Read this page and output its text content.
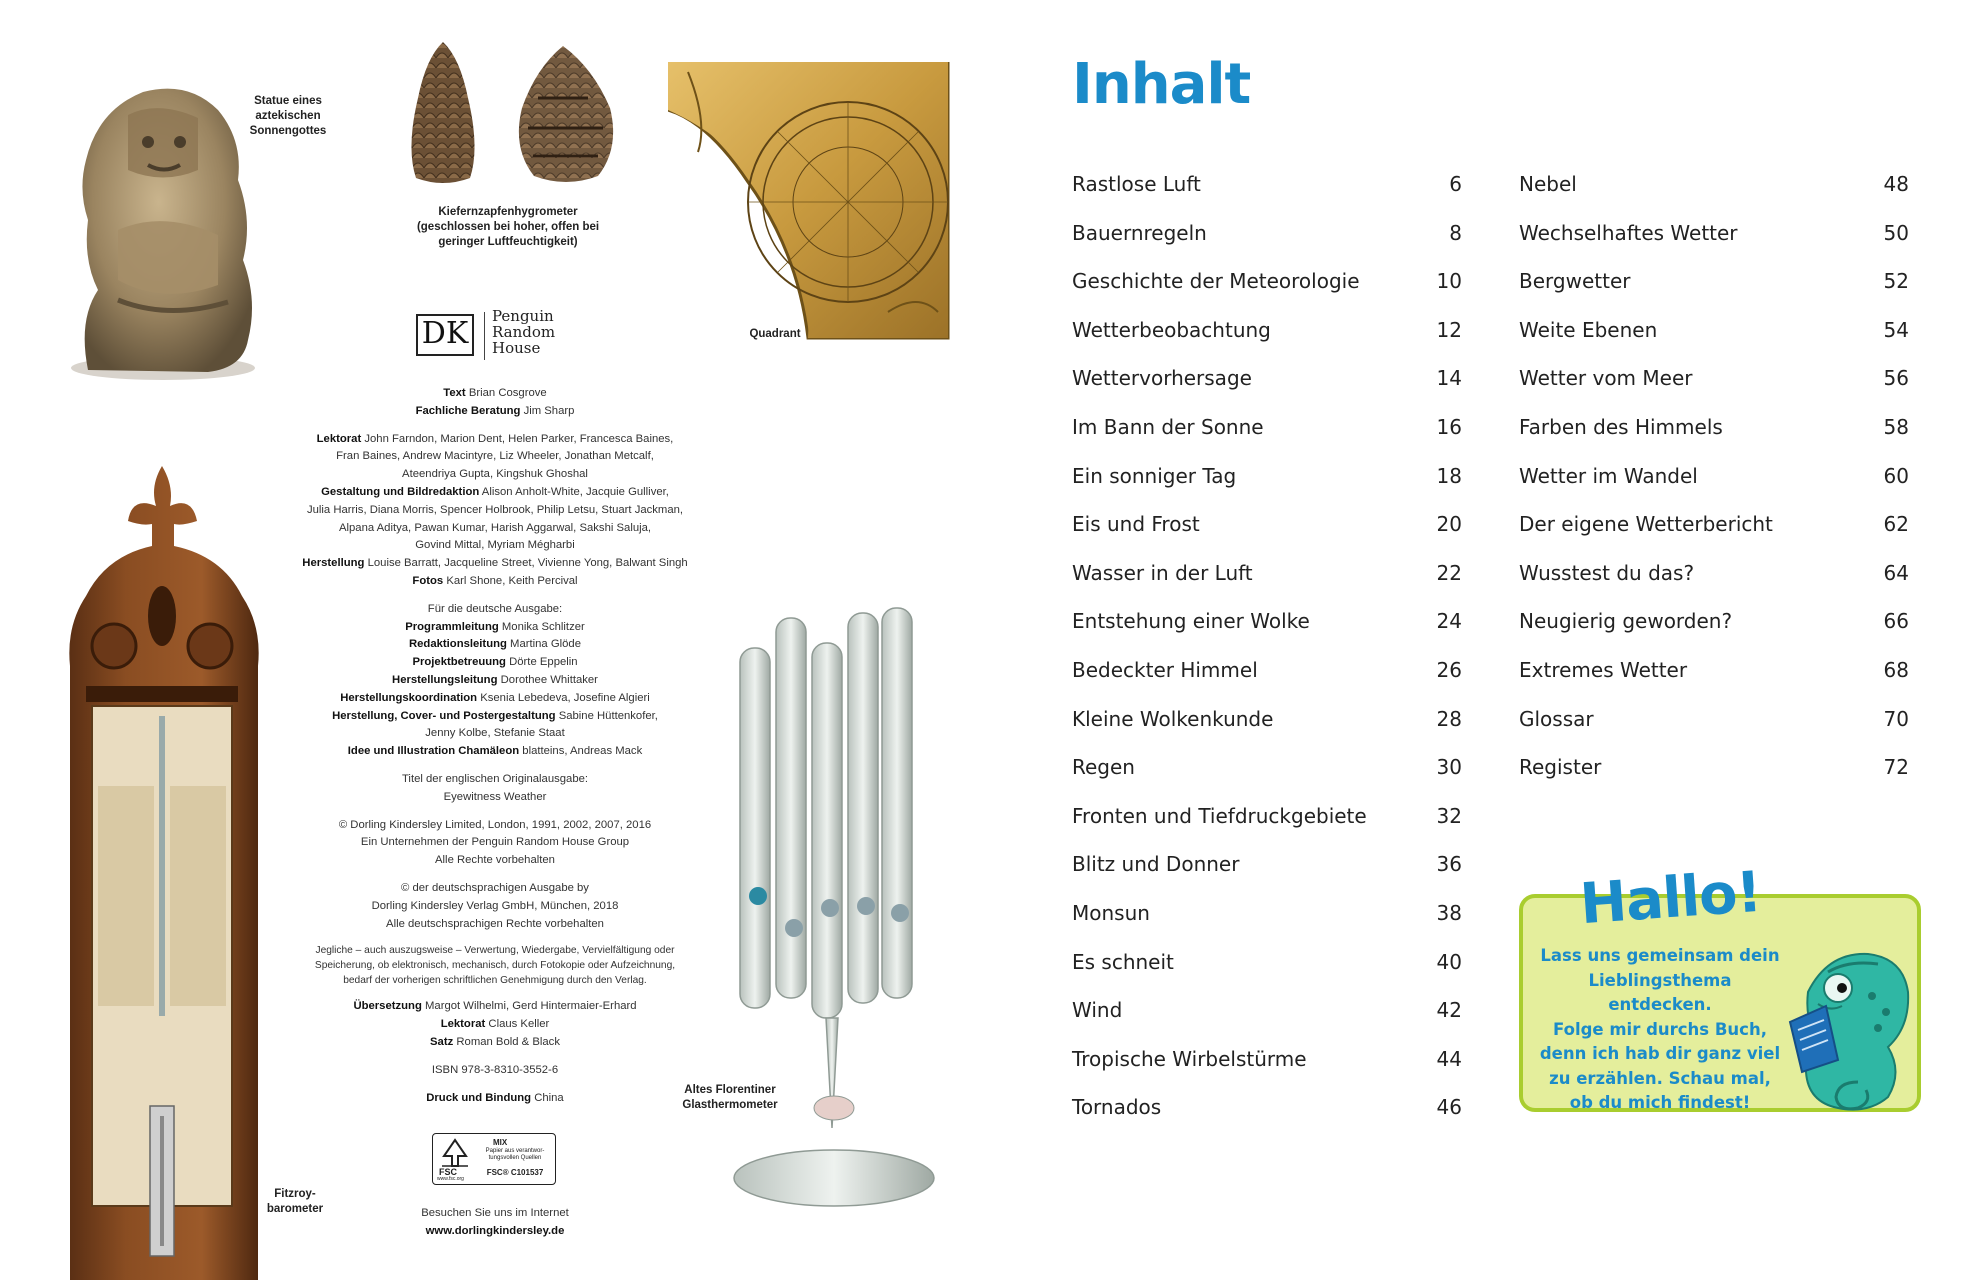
Statue eines
aztekischen
Sonnengottes
Kiefernzapfenhygrometer
(geschlossen bei hoher, offen bei
geringer Luftfeuchtigkeit)
Quadrant
DK	Penguin
Random
House
Text Brian Cosgrove
Fachliche Beratung Jim Sharp
Lektorat John Farndon, Marion Dent, Helen Parker, Francesca Baines,
Fran Baines, Andrew Macintyre, Liz Wheeler, Jonathan Metcalf,
Ateendriya Gupta, Kingshuk Ghoshal
Gestaltung und Bildredaktion Alison Anholt-White, Jacquie Gulliver,
Julia Harris, Diana Morris, Spencer Holbrook, Philip Letsu, Stuart Jackman,
Alpana Aditya, Pawan Kumar, Harish Aggarwal, Sakshi Saluja,
Govind Mittal, Myriam Mégharbi
Herstellung Louise Barratt, Jacqueline Street, Vivienne Yong, Balwant Singh
Fotos Karl Shone, Keith Percival
Für die deutsche Ausgabe:
Programmleitung Monika Schlitzer
Redaktionsleitung Martina Glöde
Projektbetreuung Dörte Eppelin
Herstellungsleitung Dorothee Whittaker
Herstellungskoordination Ksenia Lebedeva, Josefine Algieri
Herstellung, Cover- und Postergestaltung Sabine Hüttenkofer,
Jenny Kolbe, Stefanie Staat
Idee und Illustration Chamäleon blatteins, Andreas Mack
Titel der englischen Originalausgabe:
Eyewitness Weather
© Dorling Kindersley Limited, London, 1991, 2002, 2007, 2016
Ein Unternehmen der Penguin Random House Group
Alle Rechte vorbehalten
© der deutschsprachigen Ausgabe by
Dorling Kindersley Verlag GmbH, München, 2018
Alle deutschsprachigen Rechte vorbehalten
Jegliche – auch auszugsweise – Verwertung, Wiedergabe, Vervielfältigung oder
Speicherung, ob elektronisch, mechanisch, durch Fotokopie oder Aufzeichnung,
bedarf der vorherigen schriftlichen Genehmigung durch den Verlag.
Übersetzung Margot Wilhelmi, Gerd Hintermaier-Erhard
Lektorat Claus Keller
Satz Roman Bold & Black
ISBN 978-3-8310-3552-6
Druck und Bindung China
FSC
www.fsc.org
MIX
Papier aus verantwor-
tungsvollen Quellen
FSC® C101537
Besuchen Sie uns im Internet
www.dorlingkindersley.de
Fitzroy-
barometer
Altes Florentiner
Glasthermometer
Inhalt
Rastlose Luft	6
Bauernregeln	8
Geschichte der Meteorologie	10
Wetterbeobachtung	12
Wettervorhersage	14
Im Bann der Sonne	16
Ein sonniger Tag	18
Eis und Frost	20
Wasser in der Luft	22
Entstehung einer Wolke	24
Bedeckter Himmel	26
Kleine Wolkenkunde	28
Regen	30
Fronten und Tiefdruckgebiete	32
Blitz und Donner	36
Monsun	38
Es schneit	40
Wind	42
Tropische Wirbelstürme	44
Tornados	46
Nebel	48
Wechselhaftes Wetter	50
Bergwetter	52
Weite Ebenen	54
Wetter vom Meer	56
Farben des Himmels	58
Wetter im Wandel	60
Der eigene Wetterbericht	62
Wusstest du das?	64
Neugierig geworden?	66
Extremes Wetter	68
Glossar	70
Register	72
Hallo!
Lass uns gemeinsam dein
Lieblingsthema entdecken.
Folge mir durchs Buch,
denn ich hab dir ganz viel
zu erzählen. Schau mal,
ob du mich findest!
